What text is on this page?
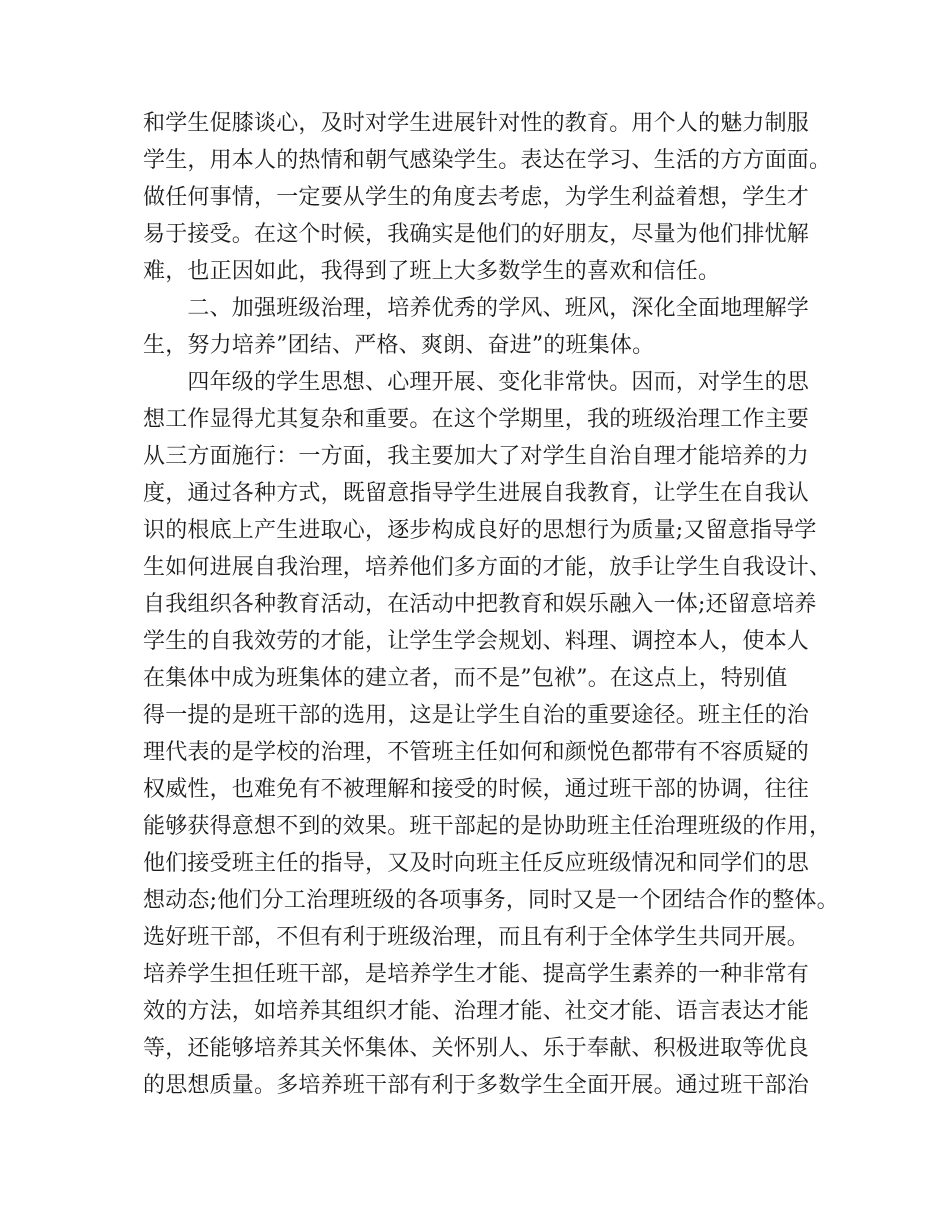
和学生促膝谈心，及时对学生进展针对性的教育。用个人的魅力制服
学生，用本人的热情和朝气感染学生。表达在学习、生活的方方面面。
做任何事情，一定要从学生的角度去考虑，为学生利益着想，学生才
易于接受。在这个时候，我确实是他们的好朋友，尽量为他们排忧解
难，也正因如此，我得到了班上大多数学生的喜欢和信任。
　　二、加强班级治理，培养优秀的学风、班风，深化全面地理解学
生，努力培养”团结、严格、爽朗、奋进”的班集体。
　　四年级的学生思想、心理开展、变化非常快。因而，对学生的思
想工作显得尤其复杂和重要。在这个学期里，我的班级治理工作主要
从三方面施行：一方面，我主要加大了对学生自治自理才能培养的力
度，通过各种方式，既留意指导学生进展自我教育，让学生在自我认
识的根底上产生进取心，逐步构成良好的思想行为质量;又留意指导学
生如何进展自我治理，培养他们多方面的才能，放手让学生自我设计、
自我组织各种教育活动，在活动中把教育和娱乐融入一体;还留意培养
学生的自我效劳的才能，让学生学会规划、料理、调控本人，使本人
在集体中成为班集体的建立者，而不是”包袱”。在这点上，特别值
得一提的是班干部的选用，这是让学生自治的重要途径。班主任的治
理代表的是学校的治理，不管班主任如何和颜悦色都带有不容质疑的
权威性，也难免有不被理解和接受的时候，通过班干部的协调，往往
能够获得意想不到的效果。班干部起的是协助班主任治理班级的作用，
他们接受班主任的指导，又及时向班主任反应班级情况和同学们的思
想动态;他们分工治理班级的各项事务，同时又是一个团结合作的整体。
选好班干部，不但有利于班级治理，而且有利于全体学生共同开展。
培养学生担任班干部，是培养学生才能、提高学生素养的一种非常有
效的方法，如培养其组织才能、治理才能、社交才能、语言表达才能
等，还能够培养其关怀集体、关怀别人、乐于奉献、积极进取等优良
的思想质量。多培养班干部有利于多数学生全面开展。通过班干部治
